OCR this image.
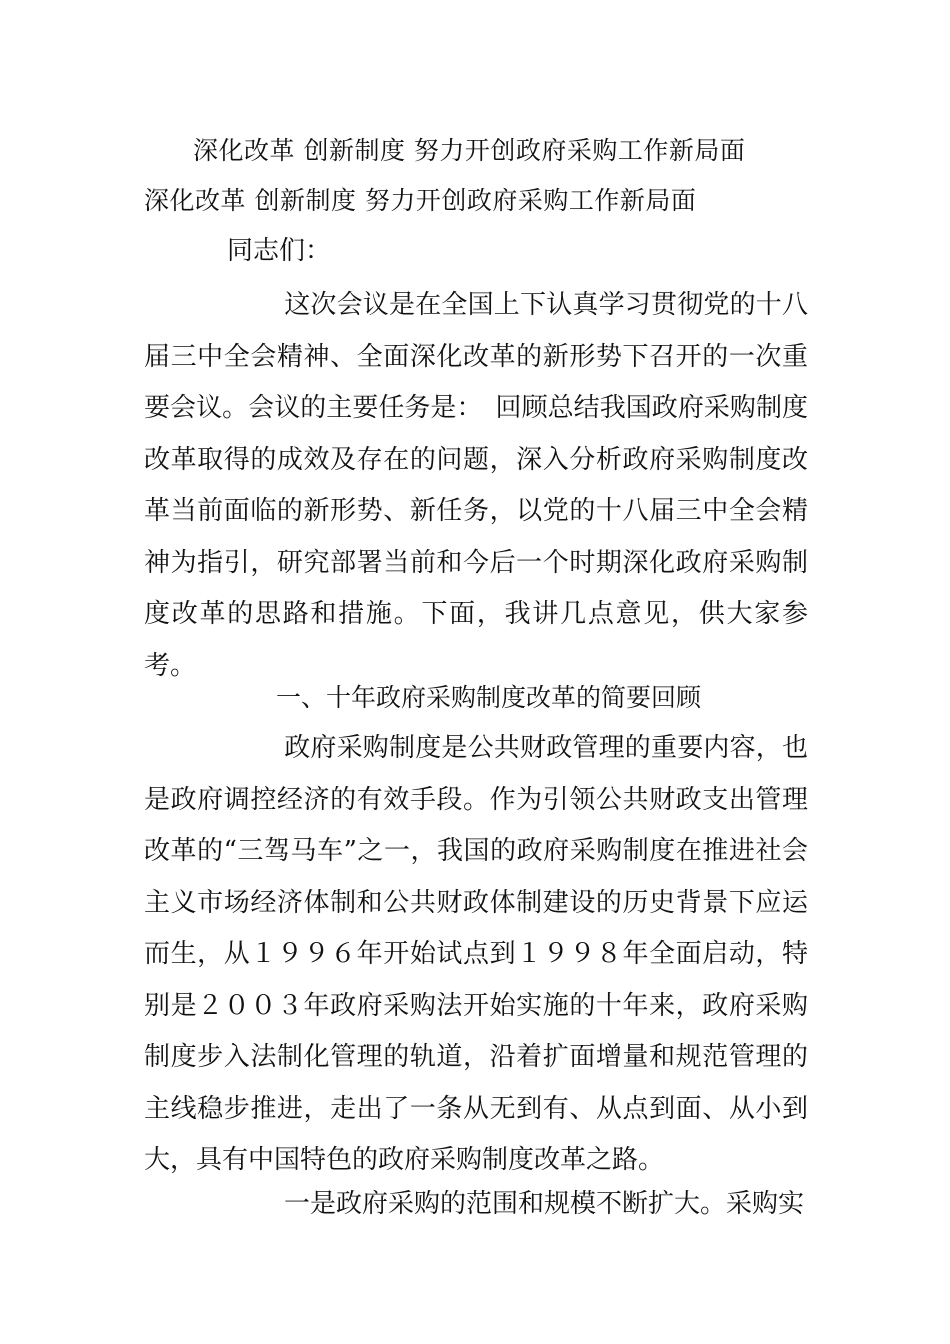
深化改革 创新制度 努力开创政府采购工作新局面
深化改革 创新制度 努力开创政府采购工作新局面
同志们：

这次会议是在全国上下认真学习贯彻党的十八届三中全会精神、全面深化改革的新形势下召开的一次重要会议。会议的主要任务是：　回顾总结我国政府采购制度改革取得的成效及存在的问题，深入分析政府采购制度改革当前面临的新形势、新任务，以党的十八届三中全会精神为指引，研究部署当前和今后一个时期深化政府采购制度改革的思路和措施。下面，我讲几点意见，供大家参考。

一、十年政府采购制度改革的简要回顾

政府采购制度是公共财政管理的重要内容，也是政府调控经济的有效手段。作为引领公共财政支出管理改革的“三驾马车”之一，我国的政府采购制度在推进社会主义市场经济体制和公共财政体制建设的历史背景下应运而生，从１９９６年开始试点到１９９８年全面启动，特别是２００３年政府采购法开始实施的十年来，政府采购制度步入法制化管理的轨道，沿着扩面增量和规范管理的主线稳步推进，走出了一条从无到有、从点到面、从小到大，具有中国特色的政府采购制度改革之路。

一是政府采购的范围和规模不断扩大。采购实
